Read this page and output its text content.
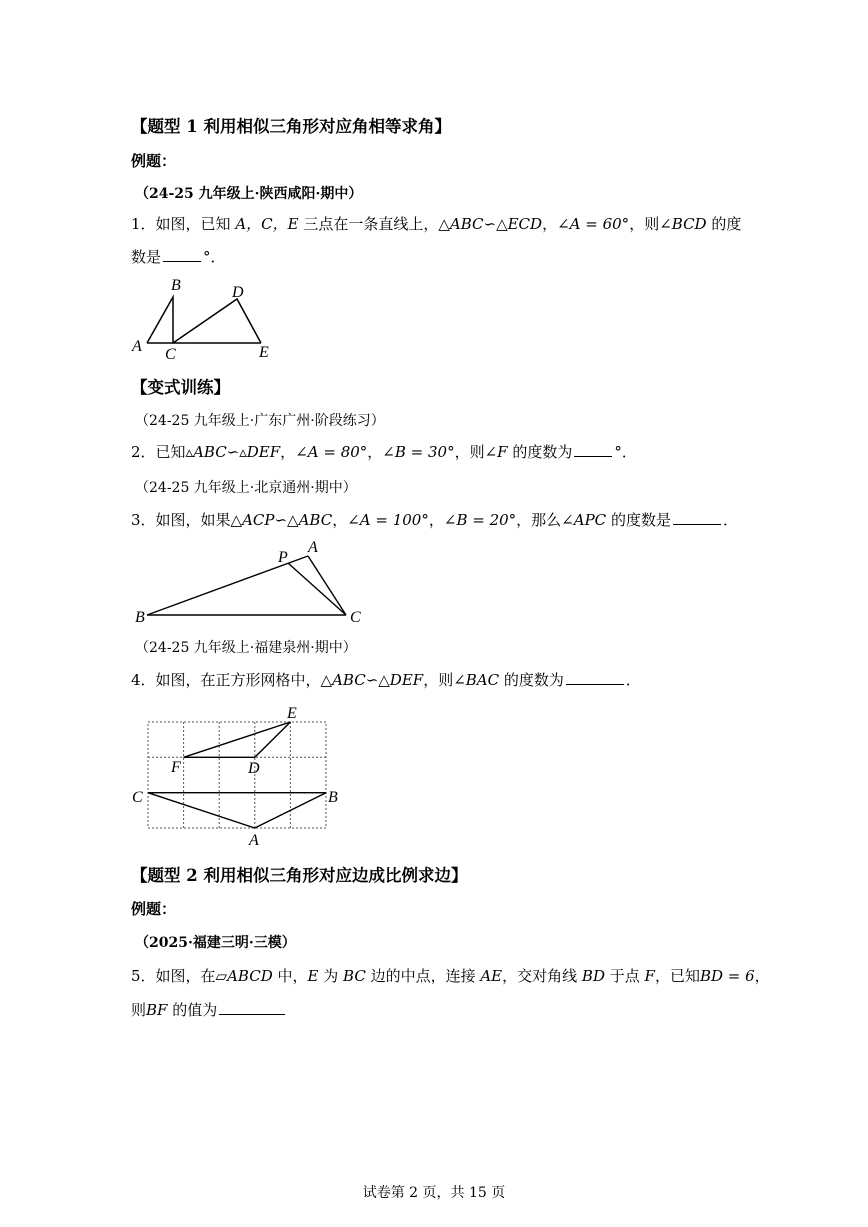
【题型 1 利用相似三角形对应角相等求角】
例题：
（24-25 九年级上·陕西咸阳·期中）
1．如图，已知 A，C，E 三点在一条直线上，△ABC∽△ECD，∠A = 60°，则∠BCD 的度
数是	°．
A
B
C
D
E
【变式训练】
（24-25 九年级上·广东广州·阶段练习）
2．已知▵ABC∽▵DEF，∠A = 80°，∠B = 30°，则∠F 的度数为	°．
（24-25 九年级上·北京通州·期中）
3．如图，如果△ACP∽△ABC，∠A = 100°，∠B = 20°，那么∠APC 的度数是	．
P
A
B	C
（24-25 九年级上·福建泉州·期中）
4．如图，在正方形网格中，△ABC∽△DEF，则∠BAC 的度数为	．
E
F	D
C	B
A
【题型 2 利用相似三角形对应边成比例求边】
例题：
（2025·福建三明·三模）
5．如图，在▱ABCD 中，E 为 BC 边的中点，连接 AE，交对角线 BD 于点 F，已知BD = 6，
则BF 的值为
试卷第 2 页，共 15 页
